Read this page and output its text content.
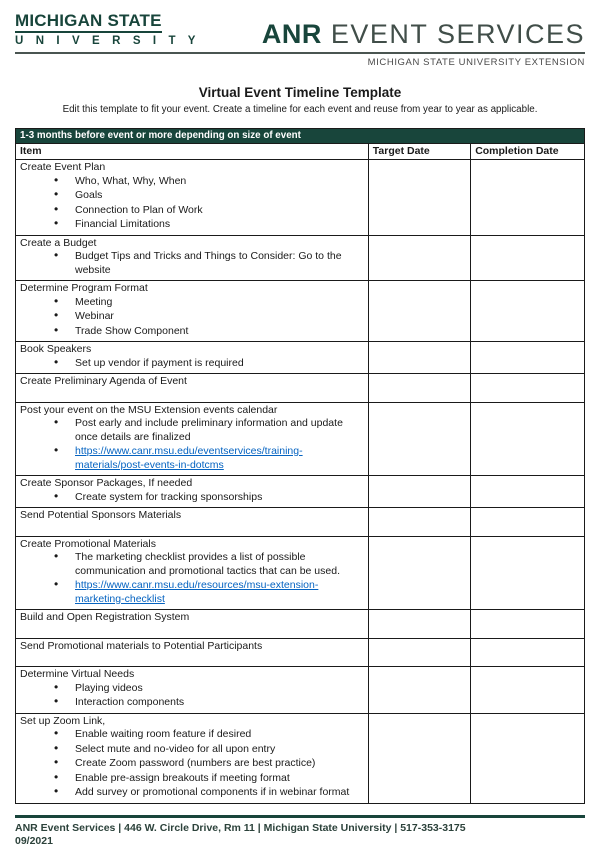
MICHIGAN STATE
U N I V E R S I T Y ANR EVENT SERVICES
MICHIGAN STATE UNIVERSITY EXTENSION
Virtual Event Timeline Template

Edit this template to fit your event. Create a timeline for each event and reuse from year to year as applicable.

1-3 months before event or more depending on size of event		
Item	Target Date	Completion Date

Create Event Plan
• Who, What, Why, When
• Goals
• Connection to Plan of Work
• Financial Limitations

Create a Budget
• Budget Tips and Tricks and Things to Consider: Go to the website

Determine Program Format
• Meeting
• Webinar
• Trade Show Component

Book Speakers
• Set up vendor if payment is required

Create Preliminary Agenda of Event		

Post your event on the MSU Extension events calendar
• Post early and include preliminary information and update once details are finalized
• https://www.canr.msu.edu/eventservices/training-materials/post-events-in-dotcms

Create Sponsor Packages, If needed
• Create system for tracking sponsorships

Send Potential Sponsors Materials		

Create Promotional Materials
• The marketing checklist provides a list of possible communication and promotional tactics that can be used.
• https://www.canr.msu.edu/resources/msu-extension-marketing-checklist

Build and Open Registration System		

Send Promotional materials to Potential Participants		

Determine Virtual Needs
• Playing videos
• Interaction components

Set up Zoom Link,
• Enable waiting room feature if desired
• Select mute and no-video for all upon entry
• Create Zoom password (numbers are best practice)
• Enable pre-assign breakouts if meeting format
• Add survey or promotional components if in webinar format

ANR Event Services | 446 W. Circle Drive, Rm 11 | Michigan State University | 517-353-3175
09/2021
